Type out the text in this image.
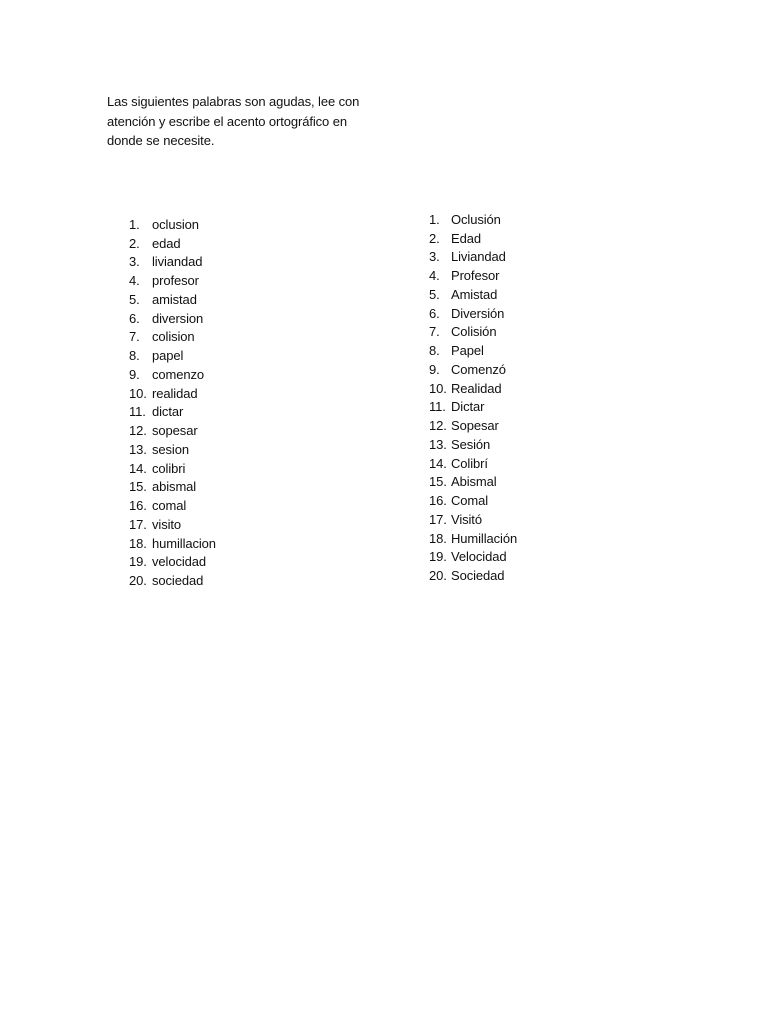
Las siguientes palabras son agudas, lee con atención y escribe el acento ortográfico en donde se necesite.

1. oclusion
2. edad
3. liviandad
4. profesor
5. amistad
6. diversion
7. colision
8. papel
9. comenzo
10. realidad
11. dictar
12. sopesar
13. sesion
14. colibri
15. abismal
16. comal
17. visito
18. humillacion
19. velocidad
20. sociedad
1. Oclusión
2. Edad
3. Liviandad
4. Profesor
5. Amistad
6. Diversión
7. Colisión
8. Papel
9. Comenzó
10. Realidad
11. Dictar
12. Sopesar
13. Sesión
14. Colibrí
15. Abismal
16. Comal
17. Visitó
18. Humillación
19. Velocidad
20. Sociedad
